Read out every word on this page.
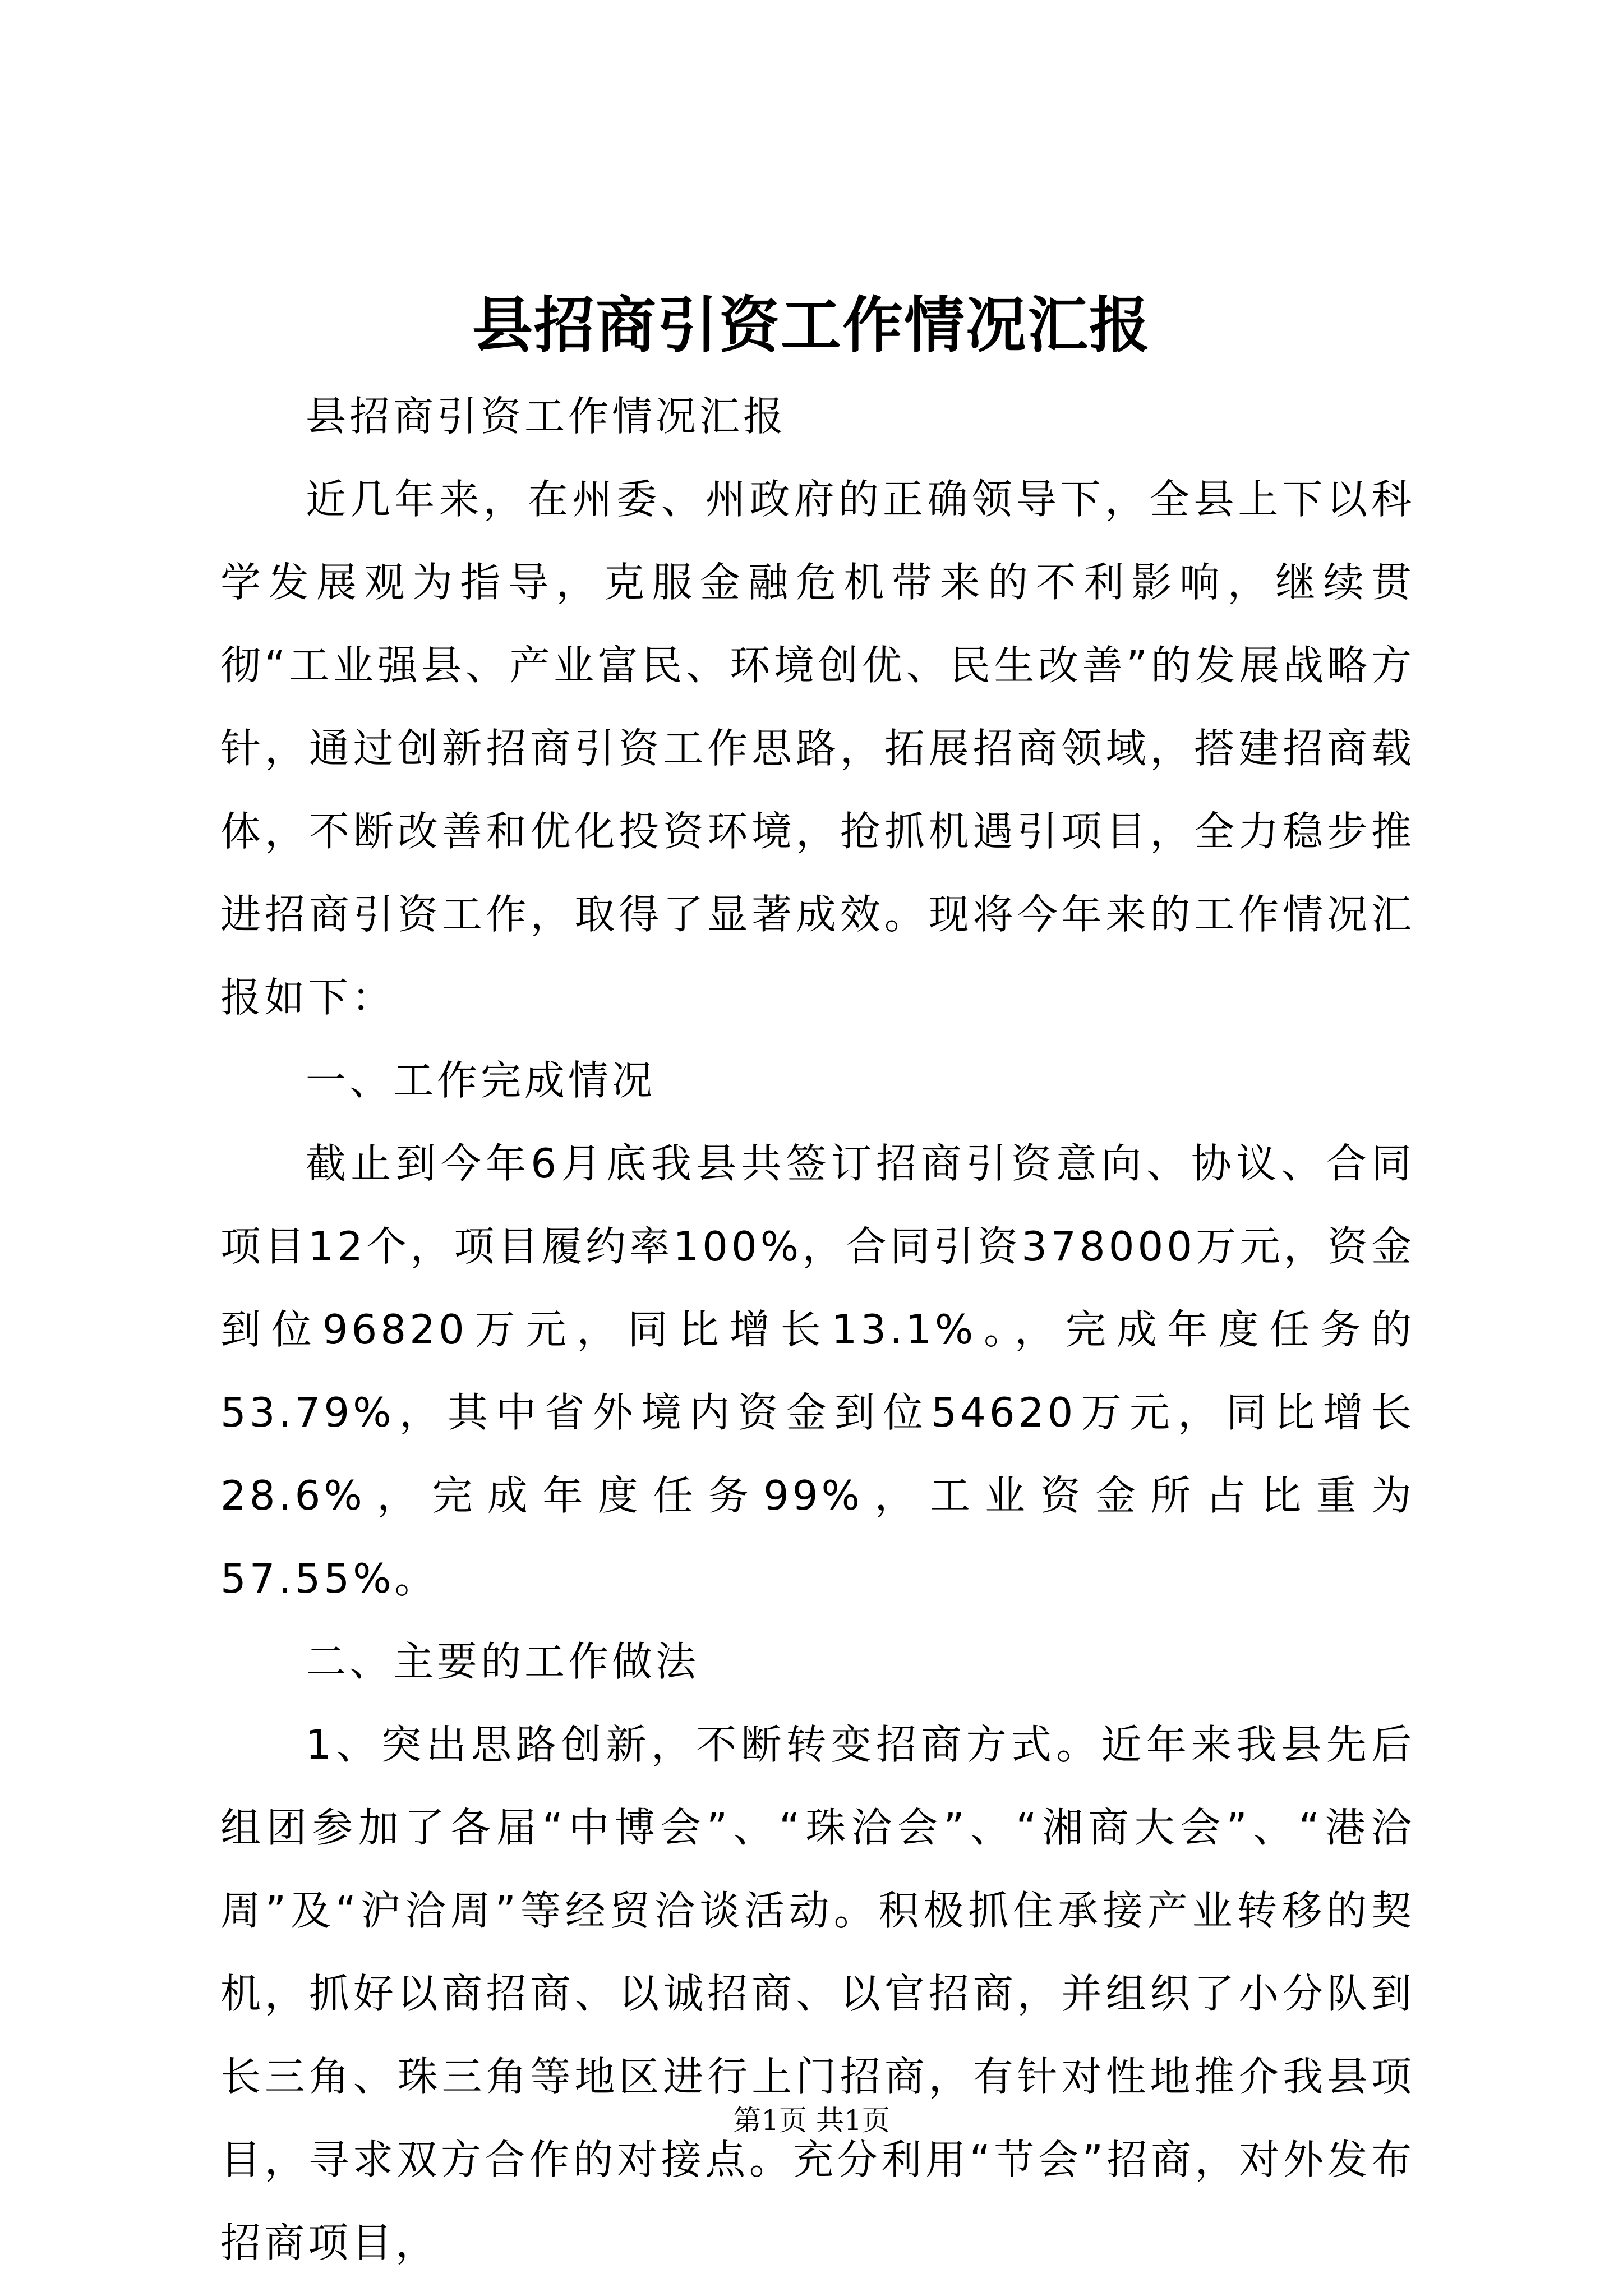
县招商引资工作情况汇报

县招商引资工作情况汇报

近几年来，在州委、州政府的正确领导下，全县上下以科学发展观为指导，克服金融危机带来的不利影响，继续贯彻“工业强县、产业富民、环境创优、民生改善”的发展战略方针，通过创新招商引资工作思路，拓展招商领域，搭建招商载体，不断改善和优化投资环境，抢抓机遇引项目，全力稳步推进招商引资工作，取得了显著成效。现将今年来的工作情况汇报如下：

一、工作完成情况

截止到今年6月底我县共签订招商引资意向、协议、合同项目12个，项目履约率100%，合同引资378000万元，资金到位96820万元，同比增长13.1%。，完成年度任务的53.79%，其中省外境内资金到位54620万元，同比增长28.6%，完成年度任务99%，工业资金所占比重为57.55%。

二、主要的工作做法

1、突出思路创新，不断转变招商方式。近年来我县先后组团参加了各届“中博会”、“珠洽会”、“湘商大会”、“港洽周”及“沪洽周”等经贸洽谈活动。积极抓住承接产业转移的契机，抓好以商招商、以诚招商、以官招商，并组织了小分队到长三角、珠三角等地区进行上门招商，有针对性地推介我县项目，寻求双方合作的对接点。充分利用“节会”招商，对外发布招商项目，

第1页 共1页
